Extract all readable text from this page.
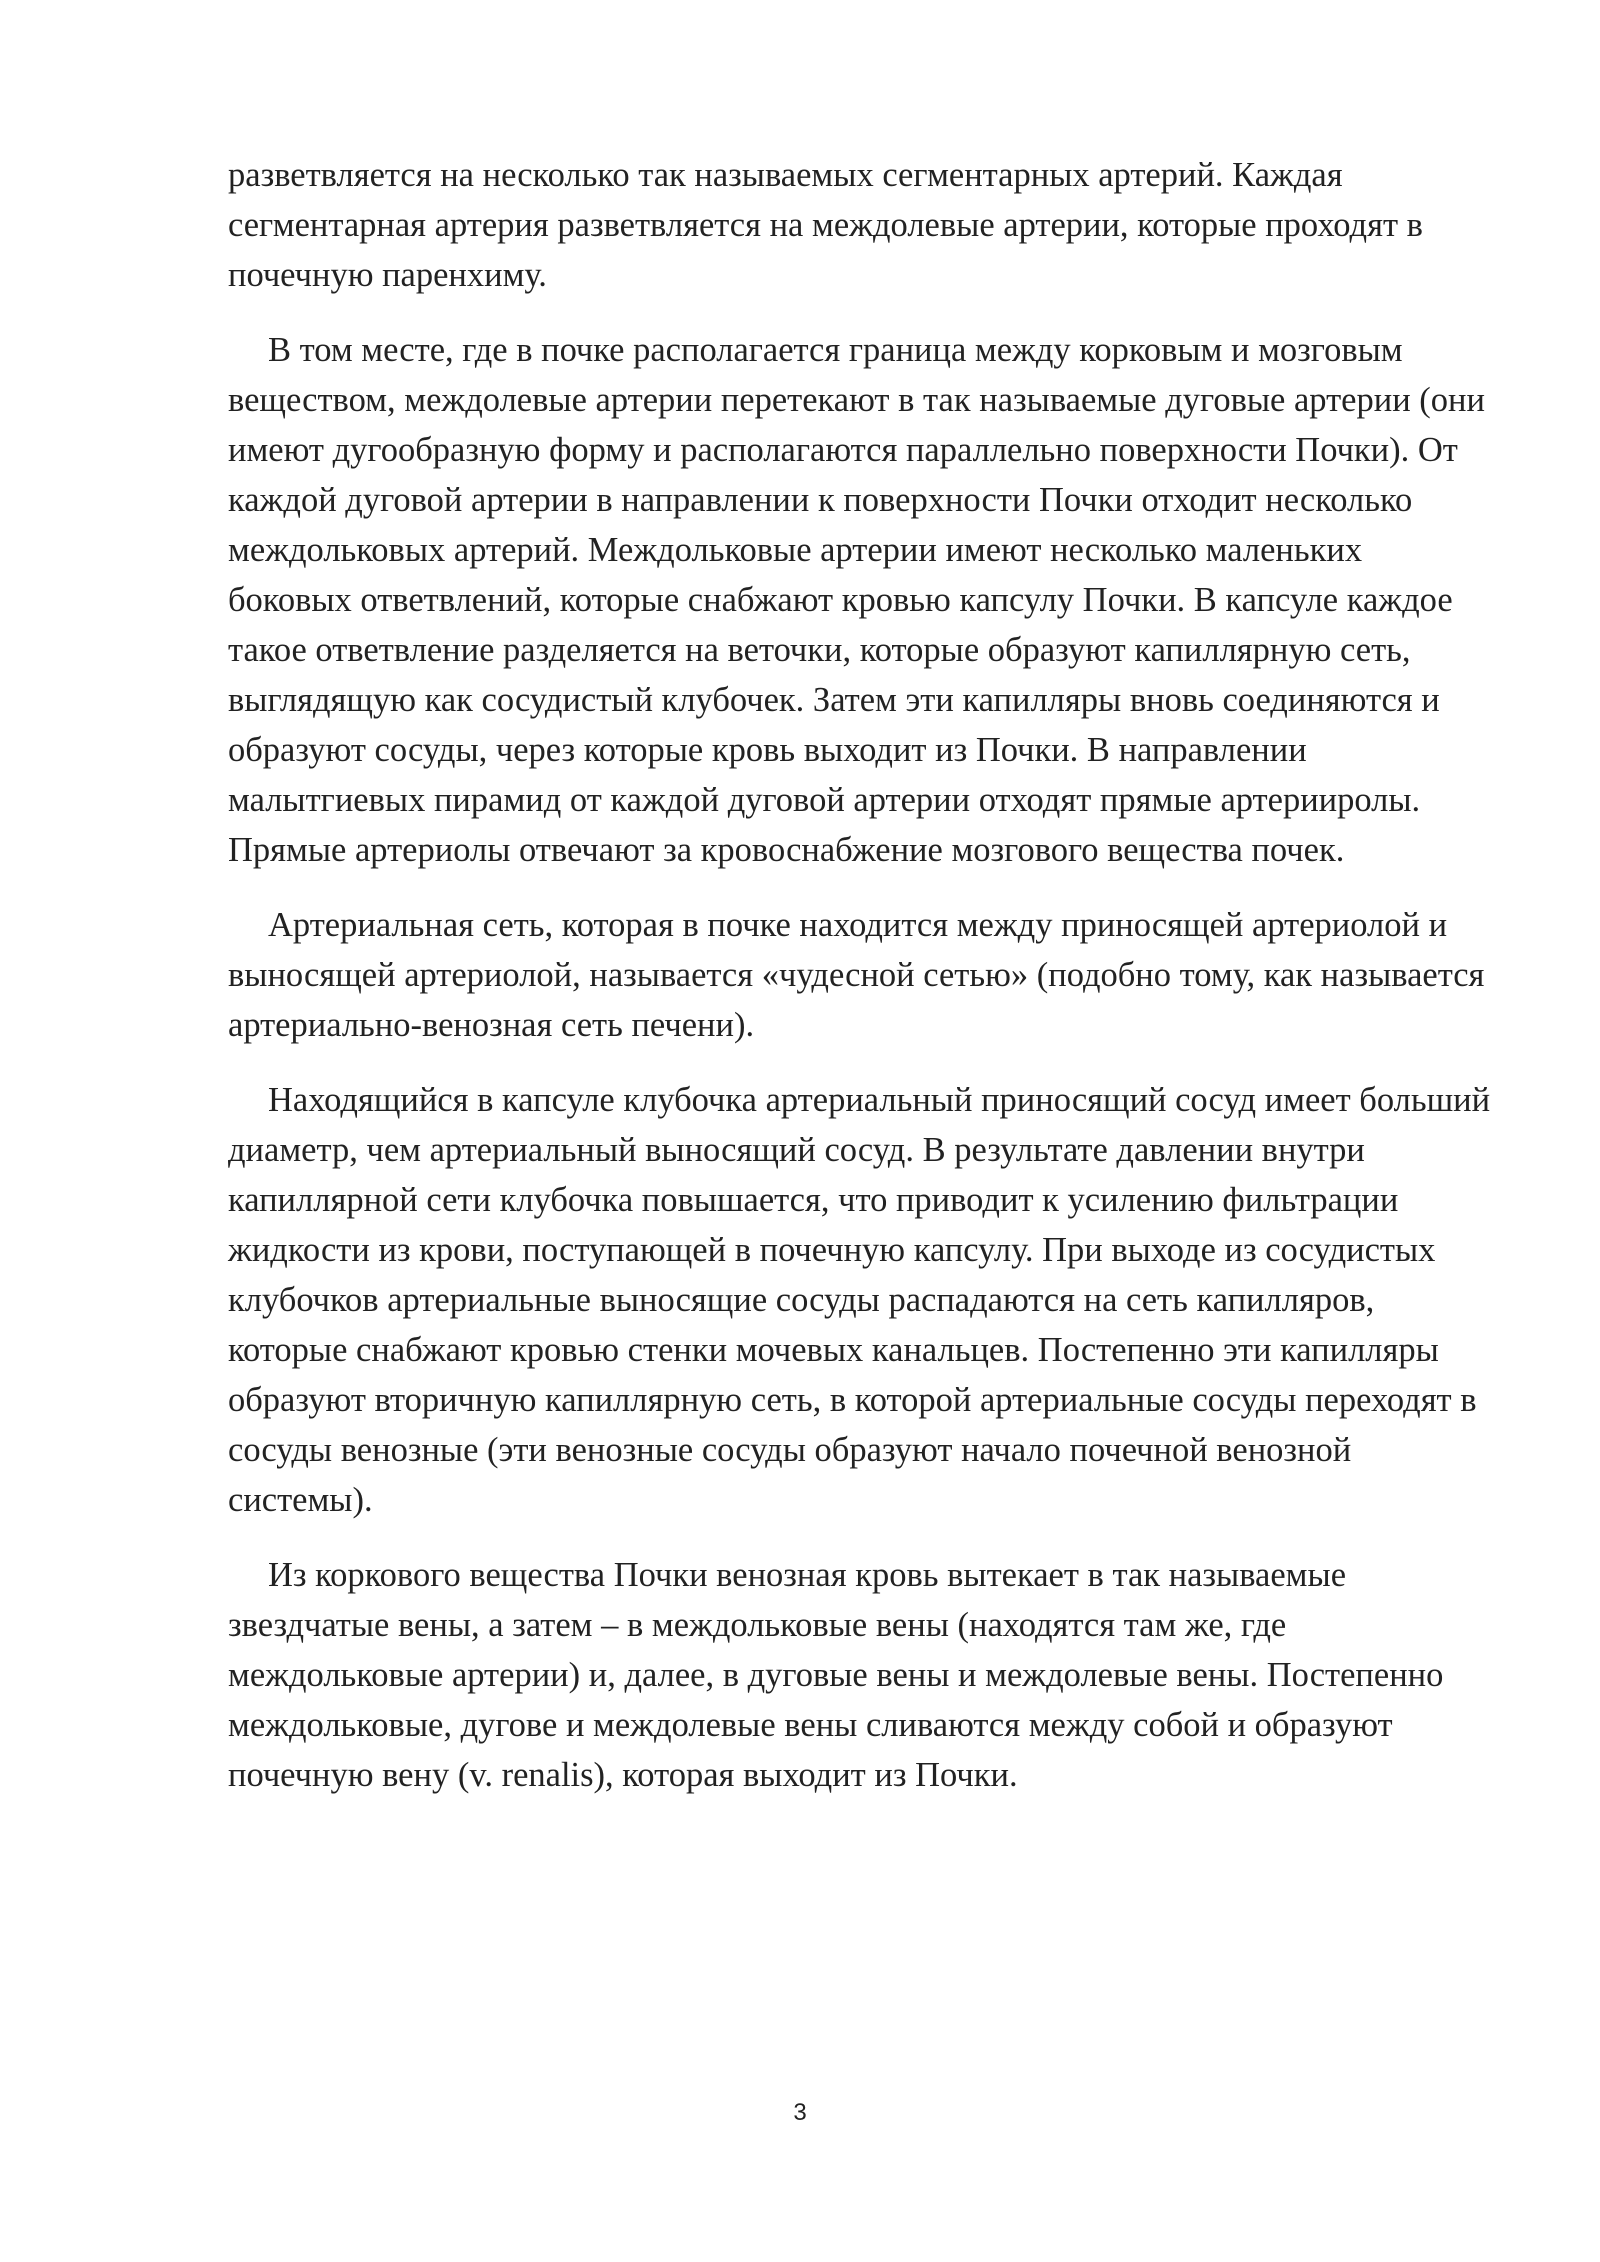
разветвляется на несколько так называемых сегментарных артерий. Каждая сегментарная артерия разветвляется на междолевые артерии, которые проходят в почечную паренхиму.

В том месте, где в почке располагается граница между корковым и мозговым веществом, междолевые артерии перетекают в так называемые дуговые артерии (они имеют дугообразную форму и располагаются параллельно поверхности Почки). От каждой дуговой артерии в направлении к поверхности Почки отходит несколько междольковых артерий. Междольковые артерии имеют несколько маленьких боковых ответвлений, которые снабжают кровью капсулу Почки. В капсуле каждое такое ответвление разделяется на веточки, которые образуют капиллярную сеть, выглядящую как сосудистый клубочек. Затем эти капилляры вновь соединяются и образуют сосуды, через которые кровь выходит из Почки. В направлении малытгиевых пирамид от каждой дуговой артерии отходят прямые артерииролы. Прямые артериолы отвечают за кровоснабжение мозгового вещества почек.

Артериальная сеть, которая в почке находится между приносящей артериолой и выносящей артериолой, называется «чудесной сетью» (подобно тому, как называется артериально-венозная сеть печени).

Находящийся в капсуле клубочка артериальный приносящий сосуд имеет больший диаметр, чем артериальный выносящий сосуд. В результате давлении внутри капиллярной сети клубочка повышается, что приводит к усилению фильтрации жидкости из крови, поступающей в почечную капсулу. При выходе из сосудистых клубочков артериальные выносящие сосуды распадаются на сеть капилляров, которые снабжают кровью стенки мочевых канальцев. Постепенно эти капилляры образуют вторичную капиллярную сеть, в которой артериальные сосуды переходят в сосуды венозные (эти венозные сосуды образуют начало почечной венозной системы).

Из коркового вещества Почки венозная кровь вытекает в так называемые звездчатые вены, а затем – в междольковые вены (находятся там же, где междольковые артерии) и, далее, в дуговые вены и междолевые вены. Постепенно междольковые, дугове и междолевые вены сливаются между собой и образуют почечную вену (v. renalis), которая выходит из Почки.

3
